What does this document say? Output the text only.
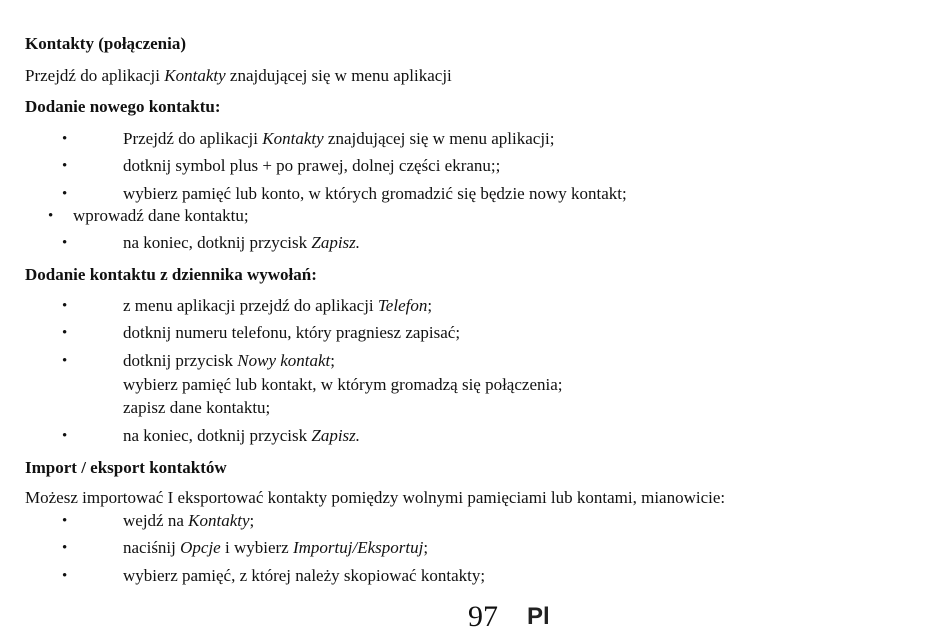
Kontakty (połączenia)
Przejdź do aplikacji Kontakty znajdującej się w menu aplikacji
Dodanie nowego kontaktu:
•	Przejdź do aplikacji Kontakty znajdującej się w menu aplikacji;
•	dotknij symbol plus + po prawej, dolnej części ekranu;;
•	wybierz pamięć lub konto, w których gromadzić się będzie nowy kontakt;
• wprowadź dane kontaktu;
•	na koniec, dotknij przycisk Zapisz.
Dodanie kontaktu z dziennika wywołań:
•	z menu aplikacji przejdź do aplikacji Telefon;
•	dotknij numeru telefonu, który pragniesz zapisać;
•	dotknij przycisk Nowy kontakt;
wybierz pamięć lub kontakt, w którym gromadzą się połączenia;
zapisz dane kontaktu;
•	na koniec, dotknij przycisk Zapisz.
Import / eksport kontaktów
Możesz importować I eksportować kontakty pomiędzy wolnymi pamięciami lub kontami, mianowicie:
•	wejdź na Kontakty;
•	naciśnij Opcje i wybierz Importuj/Eksportuj;
•	wybierz pamięć, z której należy skopiować kontakty;
97 Pl
